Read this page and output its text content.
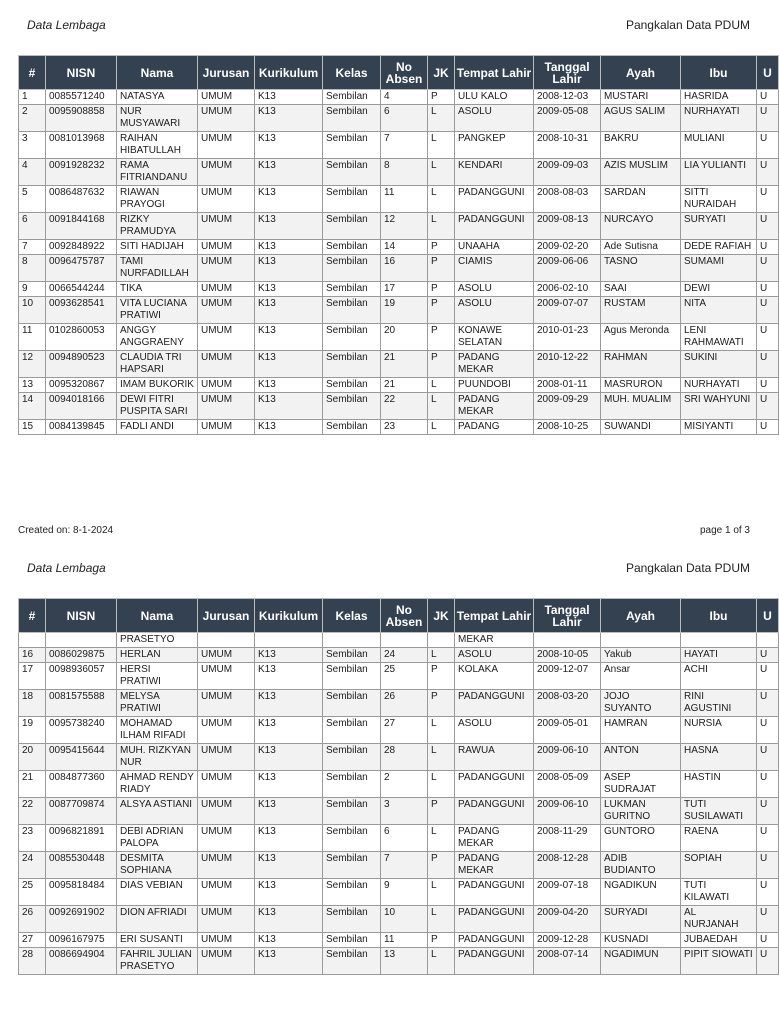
Data Lembaga	Pangkalan Data PDUM
#	NISN	Nama	Jurusan	Kurikulum	Kelas	No Absen	JK	Tempat Lahir	Tanggal Lahir	Ayah	Ibu	U
1	0085571240	NATASYA	UMUM	K13	Sembilan	4	P	ULU KALO	2008-12-03	MUSTARI	HASRIDA	U
2	0095908858	NUR MUSYAWARI	UMUM	K13	Sembilan	6	L	ASOLU	2009-05-08	AGUS SALIM	NURHAYATI	U
3	0081013968	RAIHAN HIBATULLAH	UMUM	K13	Sembilan	7	L	PANGKEP	2008-10-31	BAKRU	MULIANI	U
4	0091928232	RAMA FITRIANDANU	UMUM	K13	Sembilan	8	L	KENDARI	2009-09-03	AZIS MUSLIM	LIA YULIANTI	U
5	0086487632	RIAWAN PRAYOGI	UMUM	K13	Sembilan	11	L	PADANGGUNI	2008-08-03	SARDAN	SITTI NURAIDAH	U
6	0091844168	RIZKY PRAMUDYA	UMUM	K13	Sembilan	12	L	PADANGGUNI	2009-08-13	NURCAYO	SURYATI	U
7	0092848922	SITI HADIJAH	UMUM	K13	Sembilan	14	P	UNAAHA	2009-02-20	Ade Sutisna	DEDE RAFIAH	U
8	0096475787	TAMI NURFADILLAH	UMUM	K13	Sembilan	16	P	CIAMIS	2009-06-06	TASNO	SUMAMI	U
9	0066544244	TIKA	UMUM	K13	Sembilan	17	P	ASOLU	2006-02-10	SAAI	DEWI	U
10	0093628541	VITA LUCIANA PRATIWI	UMUM	K13	Sembilan	19	P	ASOLU	2009-07-07	RUSTAM	NITA	U
11	0102860053	ANGGY ANGGRAENY	UMUM	K13	Sembilan	20	P	KONAWE SELATAN	2010-01-23	Agus Meronda	LENI RAHMAWATI	U
12	0094890523	CLAUDIA TRI HAPSARI	UMUM	K13	Sembilan	21	P	PADANG MEKAR	2010-12-22	RAHMAN	SUKINI	U
13	0095320867	IMAM BUKORIK	UMUM	K13	Sembilan	21	L	PUUNDOBI	2008-01-11	MASRURON	NURHAYATI	U
14	0094018166	DEWI FITRI PUSPITA SARI	UMUM	K13	Sembilan	22	L	PADANG MEKAR	2009-09-29	MUH. MUALIM	SRI WAHYUNI	U
15	0084139845	FADLI ANDI	UMUM	K13	Sembilan	23	L	PADANG	2008-10-25	SUWANDI	MISIYANTI	U
Created on: 8-1-2024	page 1 of 3
Data Lembaga	Pangkalan Data PDUM
#	NISN	Nama	Jurusan	Kurikulum	Kelas	No Absen	JK	Tempat Lahir	Tanggal Lahir	Ayah	Ibu	U
		PRASETYO						MEKAR				
16	0086029875	HERLAN	UMUM	K13	Sembilan	24	L	ASOLU	2008-10-05	Yakub	HAYATI	U
17	0098936057	HERSI PRATIWI	UMUM	K13	Sembilan	25	P	KOLAKA	2009-12-07	Ansar	ACHI	U
18	0081575588	MELYSA PRATIWI	UMUM	K13	Sembilan	26	P	PADANGGUNI	2008-03-20	JOJO SUYANTO	RINI AGUSTINI	U
19	0095738240	MOHAMAD ILHAM RIFADI	UMUM	K13	Sembilan	27	L	ASOLU	2009-05-01	HAMRAN	NURSIA	U
20	0095415644	MUH. RIZKYAN NUR	UMUM	K13	Sembilan	28	L	RAWUA	2009-06-10	ANTON	HASNA	U
21	0084877360	AHMAD RENDY RIADY	UMUM	K13	Sembilan	2	L	PADANGGUNI	2008-05-09	ASEP SUDRAJAT	HASTIN	U
22	0087709874	ALSYA ASTIANI	UMUM	K13	Sembilan	3	P	PADANGGUNI	2009-06-10	LUKMAN GURITNO	TUTI SUSILAWATI	U
23	0096821891	DEBI ADRIAN PALOPA	UMUM	K13	Sembilan	6	L	PADANG MEKAR	2008-11-29	GUNTORO	RAENA	U
24	0085530448	DESMITA SOPHIANA	UMUM	K13	Sembilan	7	P	PADANG MEKAR	2008-12-28	ADIB BUDIANTO	SOPIAH	U
25	0095818484	DIAS VEBIAN	UMUM	K13	Sembilan	9	L	PADANGGUNI	2009-07-18	NGADIKUN	TUTI KILAWATI	U
26	0092691902	DION AFRIADI	UMUM	K13	Sembilan	10	L	PADANGGUNI	2009-04-20	SURYADI	AL NURJANAH	U
27	0096167975	ERI SUSANTI	UMUM	K13	Sembilan	11	P	PADANGGUNI	2009-12-28	KUSNADI	JUBAEDAH	U
28	0086694904	FAHRIL JULIAN PRASETYO	UMUM	K13	Sembilan	13	L	PADANGGUNI	2008-07-14	NGADIMUN	PIPIT SIOWATI	U
